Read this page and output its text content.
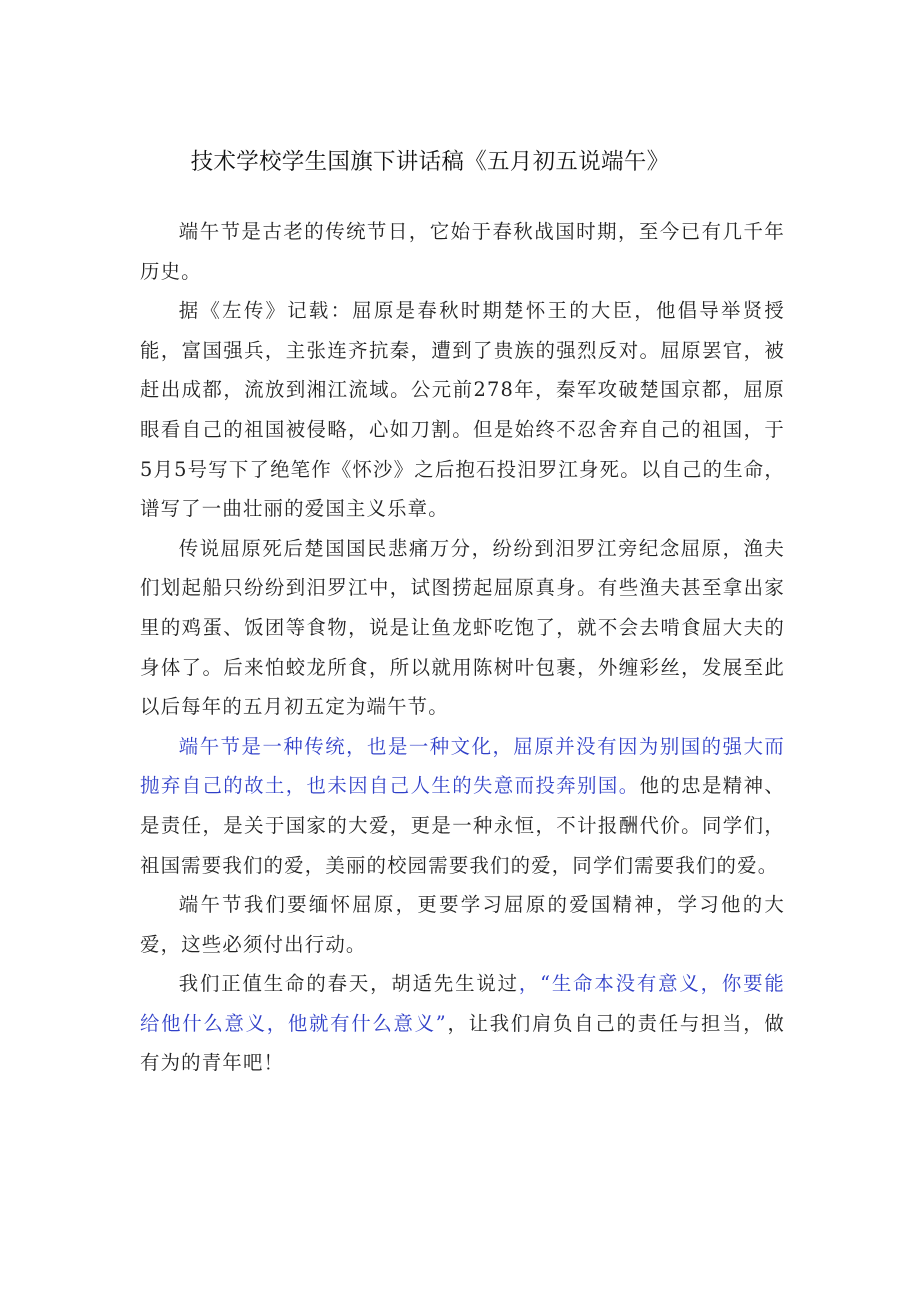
技术学校学生国旗下讲话稿《五月初五说端午》

端午节是古老的传统节日，它始于春秋战国时期，至今已有几千年历史。

据《左传》记载：屈原是春秋时期楚怀王的大臣，他倡导举贤授能，富国强兵，主张连齐抗秦，遭到了贵族的强烈反对。屈原罢官，被赶出成都，流放到湘江流域。公元前278年，秦军攻破楚国京都，屈原眼看自己的祖国被侵略，心如刀割。但是始终不忍舍弃自己的祖国，于5月5号写下了绝笔作《怀沙》之后抱石投汨罗江身死。以自己的生命，谱写了一曲壮丽的爱国主义乐章。

传说屈原死后楚国国民悲痛万分，纷纷到汨罗江旁纪念屈原，渔夫们划起船只纷纷到汨罗江中，试图捞起屈原真身。有些渔夫甚至拿出家里的鸡蛋、饭团等食物，说是让鱼龙虾吃饱了，就不会去啃食屈大夫的身体了。后来怕蛟龙所食，所以就用陈树叶包裹，外缠彩丝，发展至此以后每年的五月初五定为端午节。

端午节是一种传统，也是一种文化，屈原并没有因为别国的强大而抛弃自己的故土，也未因自己人生的失意而投奔别国。他的忠是精神、是责任，是关于国家的大爱，更是一种永恒，不计报酬代价。同学们，祖国需要我们的爱，美丽的校园需要我们的爱，同学们需要我们的爱。

端午节我们要缅怀屈原，更要学习屈原的爱国精神，学习他的大爱，这些必须付出行动。

我们正值生命的春天，胡适先生说过，“生命本没有意义，你要能给他什么意义，他就有什么意义”，让我们肩负自己的责任与担当，做有为的青年吧！
